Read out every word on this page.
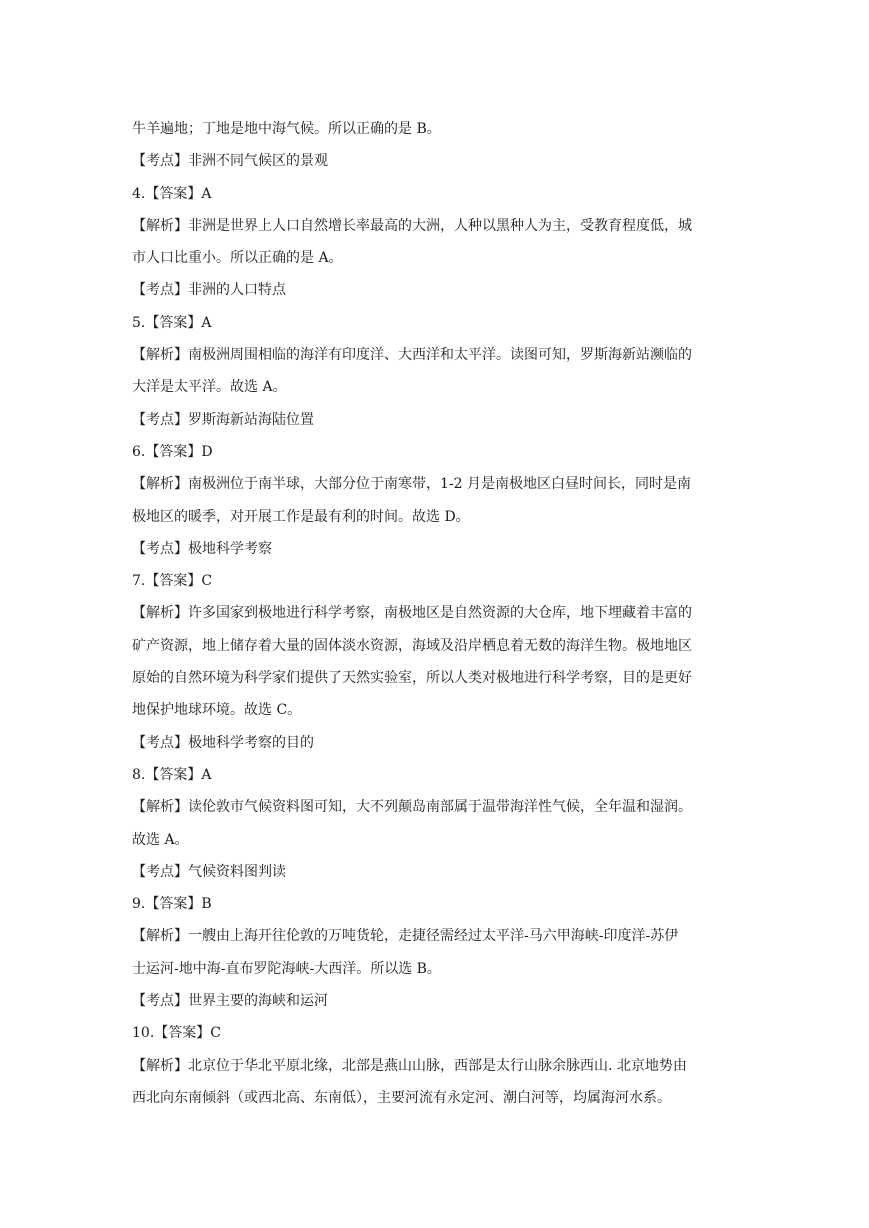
牛羊遍地；丁地是地中海气候。所以正确的是 B。
【考点】非洲不同气候区的景观
4.【答案】A
【解析】非洲是世界上人口自然增长率最高的大洲，人种以黑种人为主，受教育程度低，城
市人口比重小。所以正确的是 A。
【考点】非洲的人口特点
5.【答案】A
【解析】南极洲周围相临的海洋有印度洋、大西洋和太平洋。读图可知，罗斯海新站濒临的
大洋是太平洋。故选 A。
【考点】罗斯海新站海陆位置
6.【答案】D
【解析】南极洲位于南半球，大部分位于南寒带，1-2 月是南极地区白昼时间长，同时是南
极地区的暖季，对开展工作是最有利的时间。故选 D。
【考点】极地科学考察
7.【答案】C
【解析】许多国家到极地进行科学考察，南极地区是自然资源的大仓库，地下埋藏着丰富的
矿产资源，地上储存着大量的固体淡水资源，海域及沿岸栖息着无数的海洋生物。极地地区
原始的自然环境为科学家们提供了天然实验室，所以人类对极地进行科学考察，目的是更好
地保护地球环境。故选 C。
【考点】极地科学考察的目的
8.【答案】A
【解析】读伦敦市气候资料图可知，大不列颠岛南部属于温带海洋性气候，全年温和湿润。
故选 A。
【考点】气候资料图判读
9.【答案】B
【解析】一艘由上海开往伦敦的万吨货轮，走捷径需经过太平洋-马六甲海峡-印度洋-苏伊
士运河-地中海-直布罗陀海峡-大西洋。所以选 B。
【考点】世界主要的海峡和运河
10.【答案】C
【解析】北京位于华北平原北缘，北部是燕山山脉，西部是太行山脉余脉西山. 北京地势由
西北向东南倾斜（或西北高、东南低），主要河流有永定河、潮白河等，均属海河水系。
